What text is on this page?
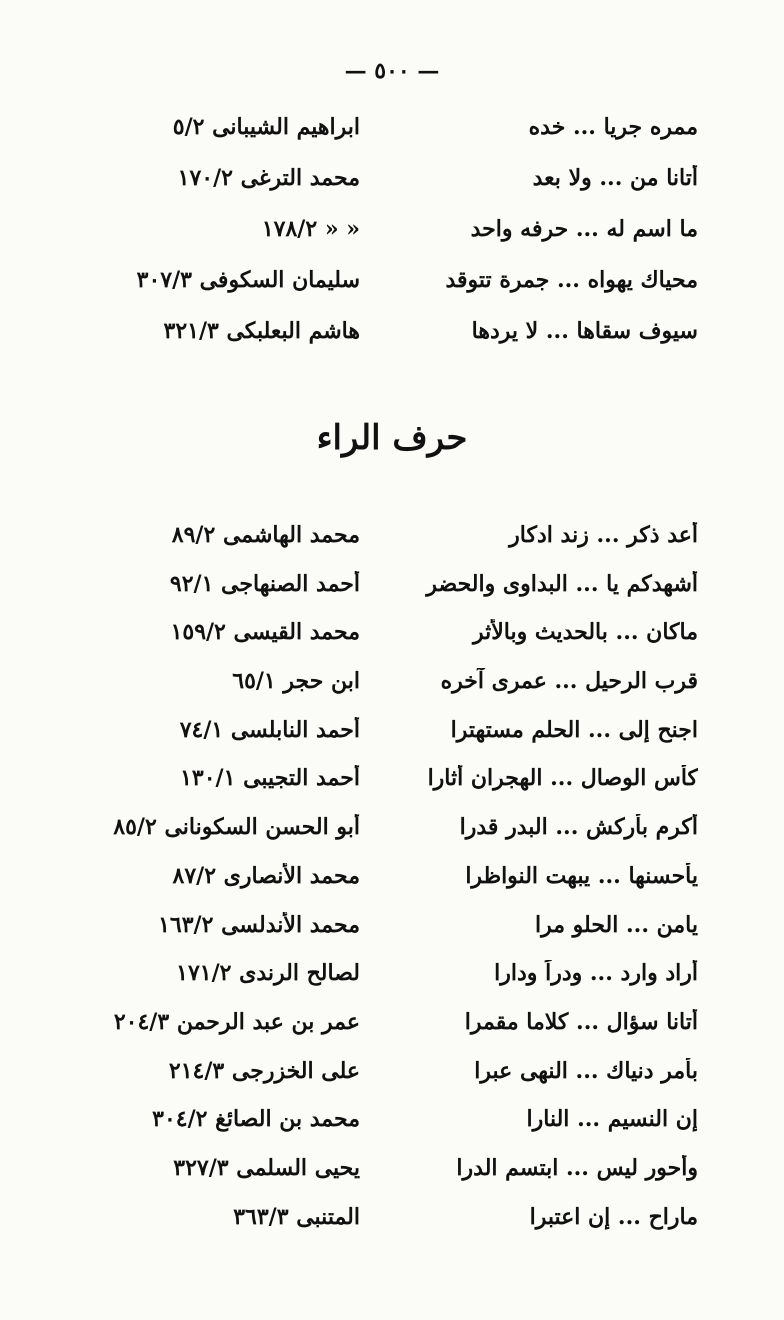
— ٥٠٠ —
ممره جريا ... خده
ابراهيم الشيبانى ٥/٢
أتانا من ... ولا بعد
محمد الترغى ١٧٠/٢
ما اسم له ... حرفه واحد
« « ١٧٨/٢
محياك يهواه ... جمرة تتوقد
سليمان السكوفى ٣٠٧/٣
سيوف سقاها ... لا يردها
هاشم البعلبكى ٣٢١/٣
حرف الراء
أعد ذكر ... زند ادكار
محمد الهاشمى ٨٩/٢
أشهدكم يا ... البداوى والحضر
أحمد الصنهاجى ٩٢/١
ماكان ... بالحديث وبالأثر
محمد القيسى ١٥٩/٢
قرب الرحيل ... عمرى آخره
ابن حجر ٦٥/١
اجنح إلى ... الحلم مستهترا
أحمد النابلسى ٧٤/١
كأس الوصال ... الهجران أثارا
أحمد التجيبى ١٣٠/١
أكرم بأركش ... البدر قدرا
أبو الحسن السكونانى ٨٥/٢
يأحسنها ... يبهت النواظرا
محمد الأنصارى ٨٧/٢
يامن ... الحلو مرا
محمد الأندلسى ١٦٣/٢
أراد وارد ... ودراً ودارا
لصالح الرندى ١٧١/٢
أتانا سؤال ... كلاما مقمرا
عمر بن عبد الرحمن ٢٠٤/٣
بأمر دنياك ... النهى عبرا
على الخزرجى ٢١٤/٣
إن النسيم ... النارا
محمد بن الصائغ ٣٠٤/٢
وأحور ليس ... ابتسم الدرا
يحيى السلمى ٣٢٧/٣
ماراح ... إن اعتبرا
المتنبى ٣٦٣/٣
